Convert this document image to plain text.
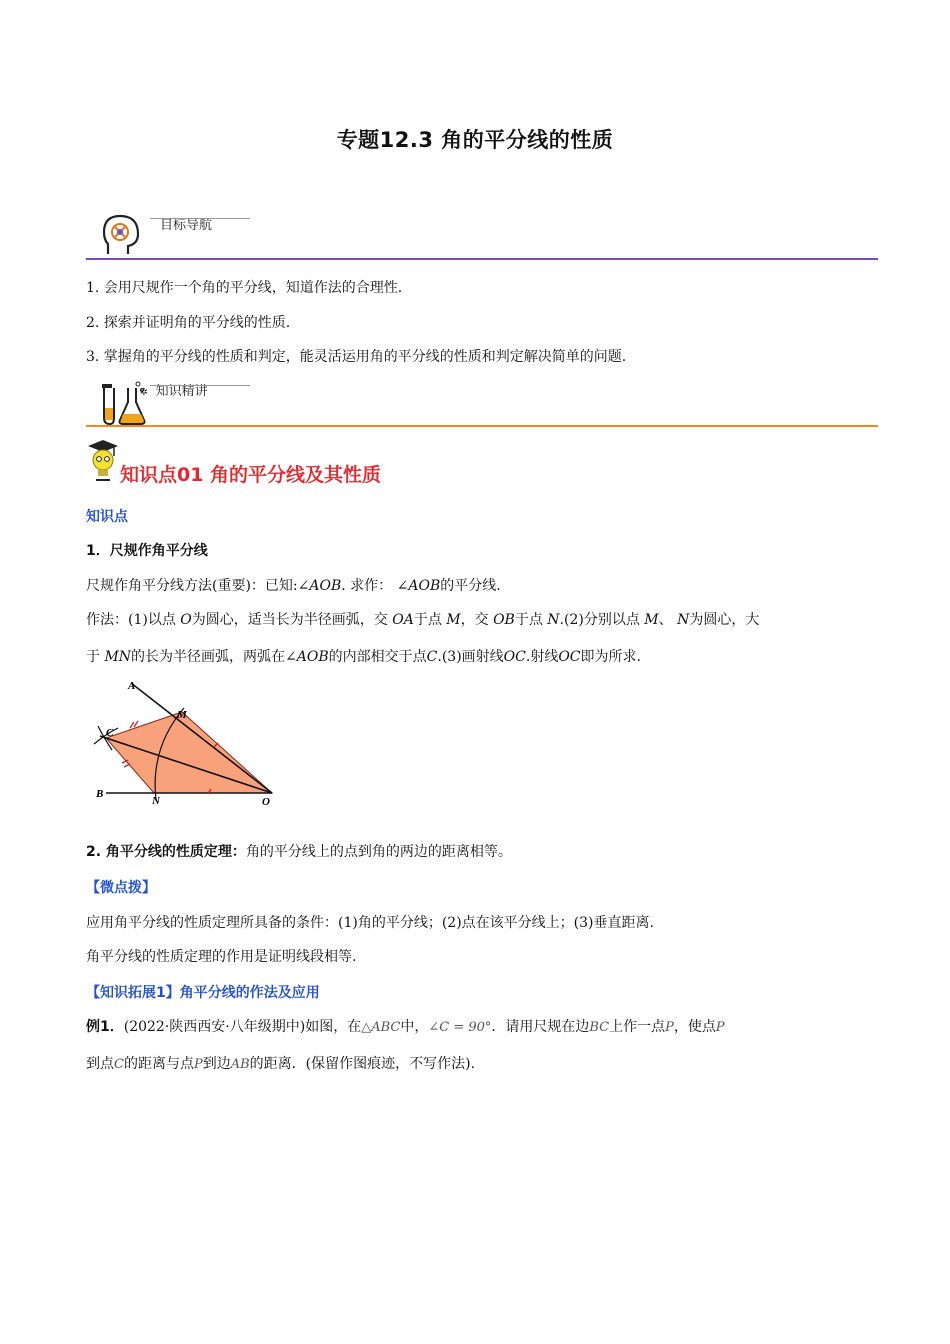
专题12.3 角的平分线的性质
目标导航
1. 会用尺规作一个角的平分线，知道作法的合理性.
2. 探索并证明角的平分线的性质.
3. 掌握角的平分线的性质和判定，能灵活运用角的平分线的性质和判定解决简单的问题.
✲ 知识精讲
知识点01 角的平分线及其性质
知识点
1．尺规作角平分线
尺规作角平分线方法(重要)：已知:∠AOB. 求作： ∠AOB的平分线.
作法：(1)以点 O为圆心，适当长为半径画弧，交 OA于点 M，交 OB于点 N.(2)分别以点 M、 N为圆心，大
于 MN的长为半径画弧，两弧在∠AOB的内部相交于点C.(3)画射线OC.射线OC即为所求.
A
M
C
B
N	O
2. 角平分线的性质定理：角的平分线上的点到角的两边的距离相等。
【微点拨】
应用角平分线的性质定理所具备的条件：(1)角的平分线；(2)点在该平分线上；(3)垂直距离.
角平分线的性质定理的作用是证明线段相等.
【知识拓展1】角平分线的作法及应用
例1．(2022·陕西西安·八年级期中)如图，在△ABC中，∠C = 90°．请用尺规在边BC上作一点P，使点P
到点C的距离与点P到边AB的距离．(保留作图痕迹，不写作法).
